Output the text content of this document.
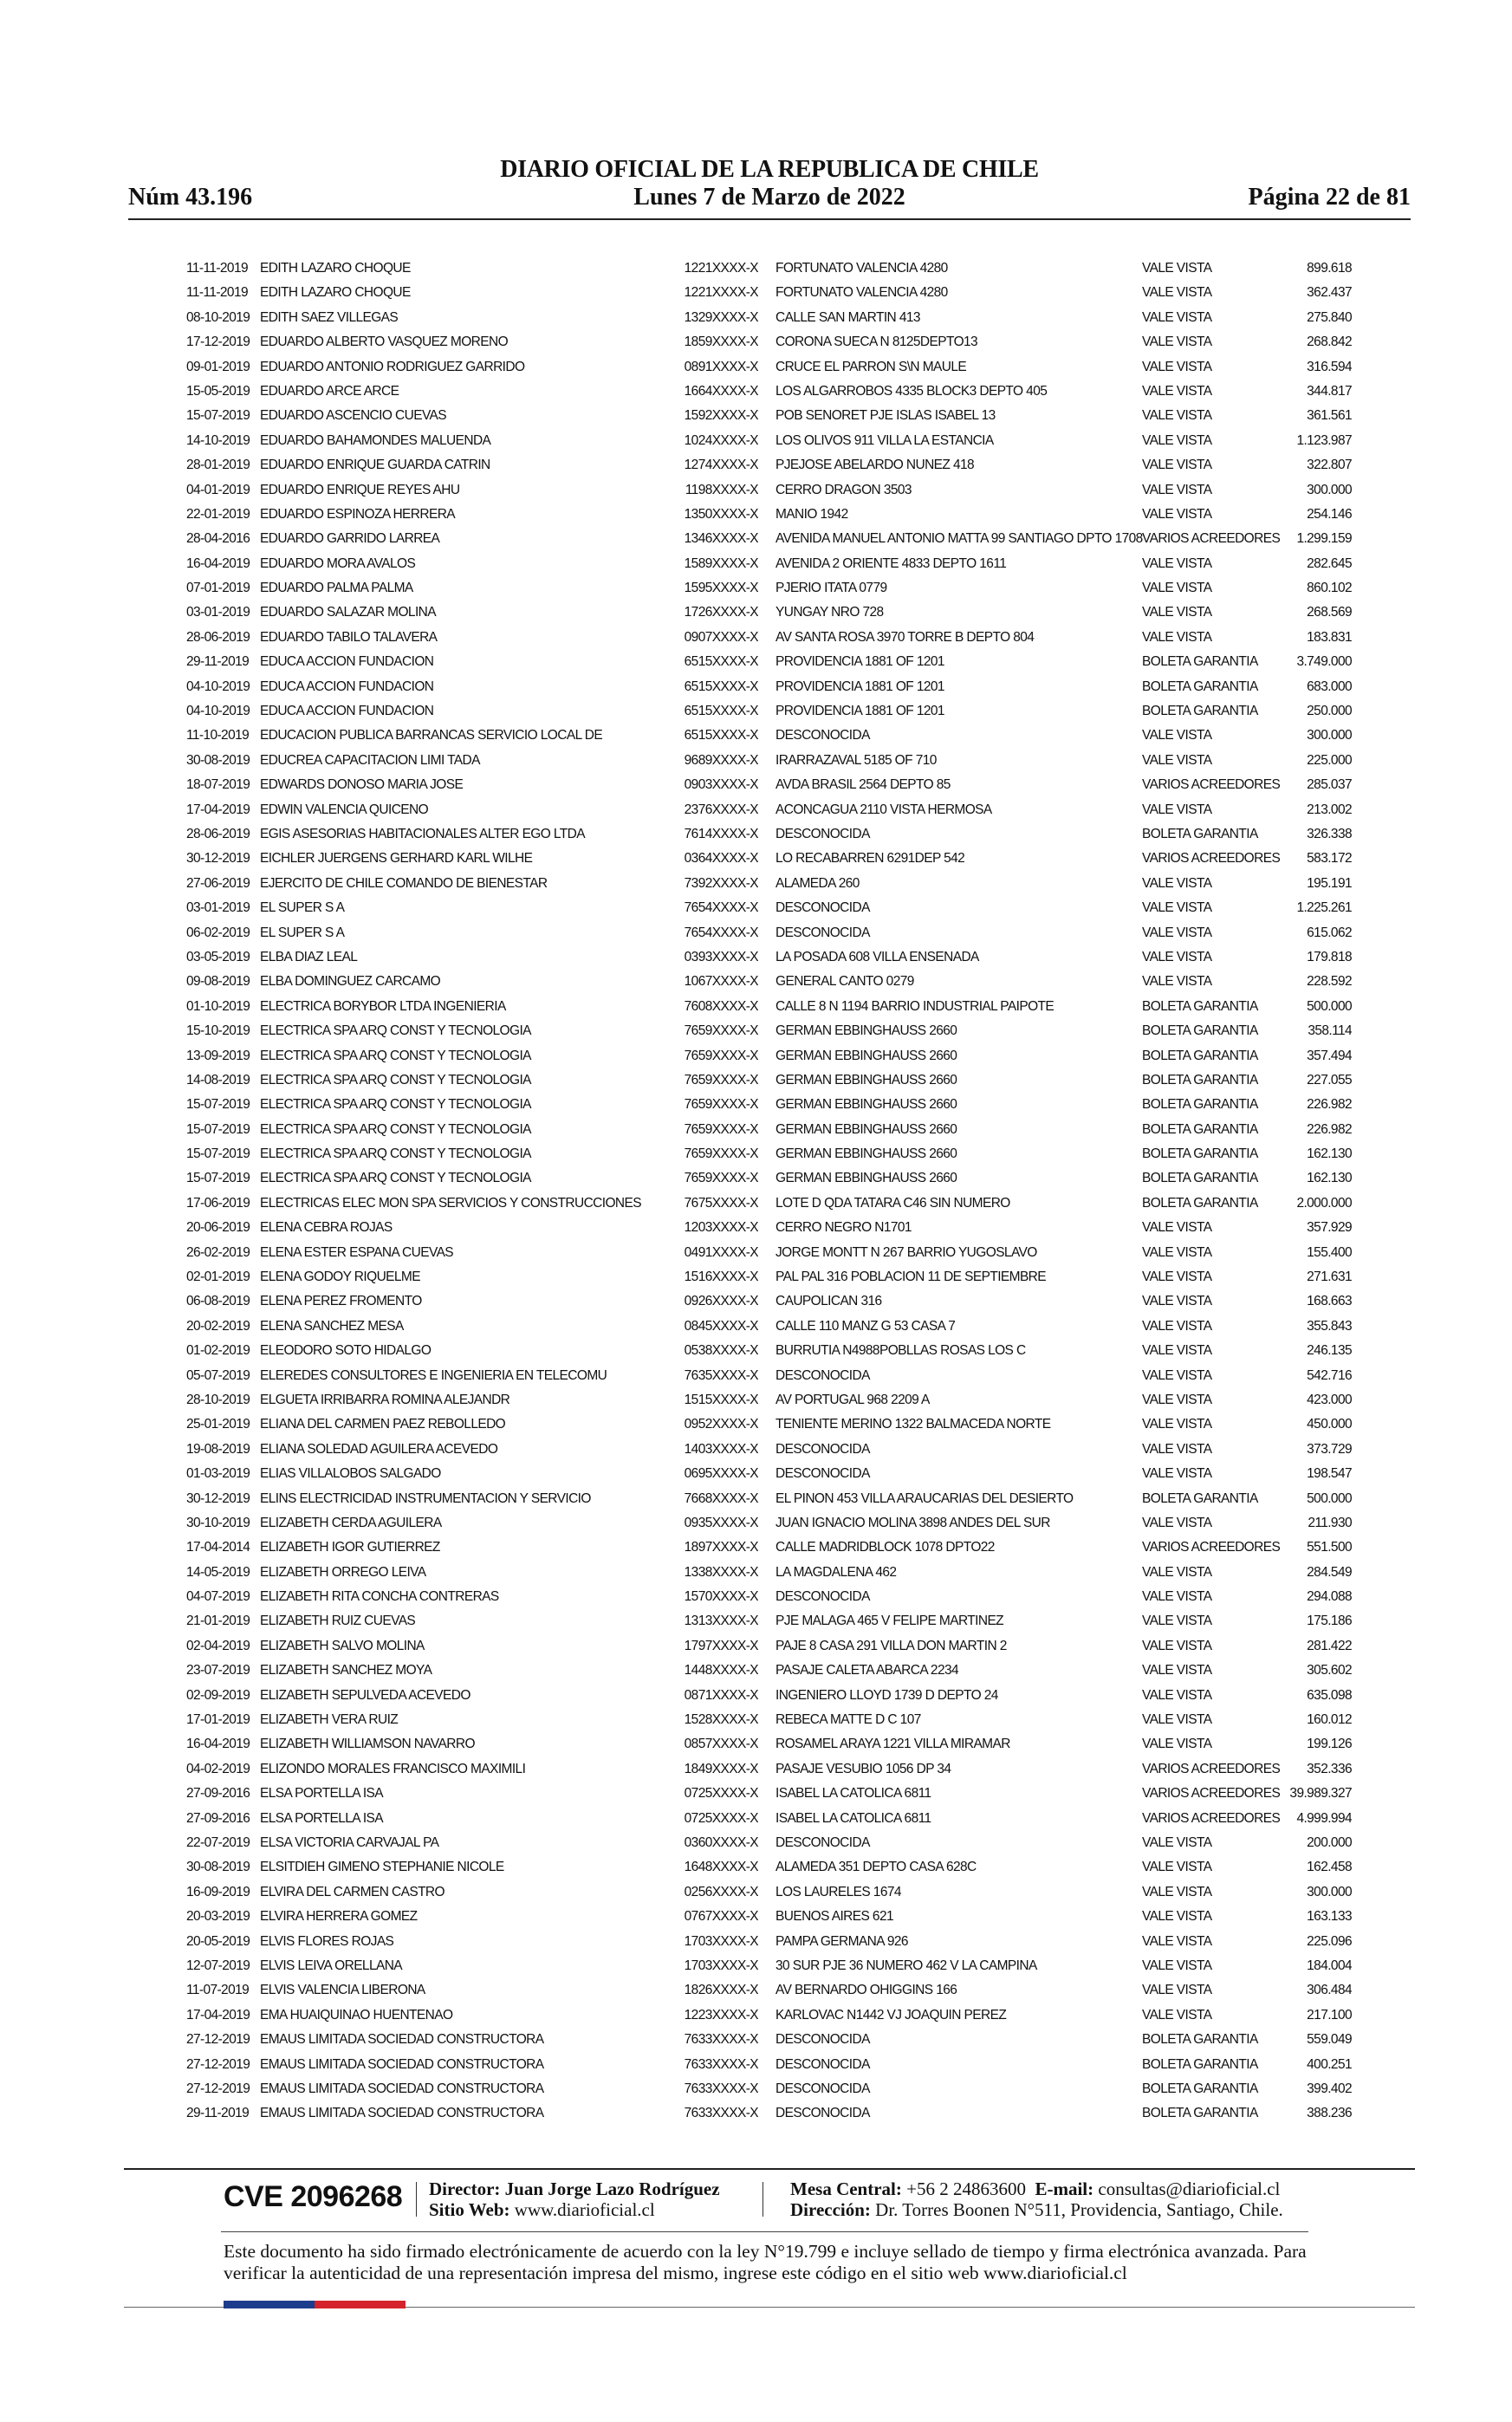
DIARIO OFICIAL DE LA REPUBLICA DE CHILE
Núm 43.196	Lunes 7 de Marzo de 2022	Página 22 de 81
11-11-2019 EDITH LAZARO CHOQUE	1221XXXX-X FORTUNATO VALENCIA 4280	VALE VISTA	899.618
11-11-2019 EDITH LAZARO CHOQUE	1221XXXX-X FORTUNATO VALENCIA 4280	VALE VISTA	362.437
08-10-2019 EDITH SAEZ VILLEGAS	1329XXXX-X CALLE SAN MARTIN 413	VALE VISTA	275.840
17-12-2019 EDUARDO ALBERTO VASQUEZ MORENO	1859XXXX-X CORONA SUECA N 8125DEPTO13	VALE VISTA	268.842
09-01-2019 EDUARDO ANTONIO RODRIGUEZ GARRIDO	0891XXXX-X CRUCE EL PARRON S\N MAULE	VALE VISTA	316.594
15-05-2019 EDUARDO ARCE ARCE	1664XXXX-X LOS ALGARROBOS 4335 BLOCK3 DEPTO 405	VALE VISTA	344.817
15-07-2019 EDUARDO ASCENCIO CUEVAS	1592XXXX-X POB SENORET PJE ISLAS ISABEL 13	VALE VISTA	361.561
14-10-2019 EDUARDO BAHAMONDES MALUENDA	1024XXXX-X LOS OLIVOS 911 VILLA LA ESTANCIA	VALE VISTA	1.123.987
28-01-2019 EDUARDO ENRIQUE GUARDA CATRIN	1274XXXX-X PJEJOSE ABELARDO NUNEZ 418	VALE VISTA	322.807
04-01-2019 EDUARDO ENRIQUE REYES AHU	1198XXXX-X CERRO DRAGON 3503	VALE VISTA	300.000
22-01-2019 EDUARDO ESPINOZA HERRERA	1350XXXX-X MANIO 1942	VALE VISTA	254.146
28-04-2016 EDUARDO GARRIDO LARREA	1346XXXX-X AVENIDA MANUEL ANTONIO MATTA 99 SANTIAGO DPTO 1708 VARIOS ACREEDORES	1.299.159
16-04-2019 EDUARDO MORA AVALOS	1589XXXX-X AVENIDA 2 ORIENTE 4833 DEPTO 1611	VALE VISTA	282.645
07-01-2019 EDUARDO PALMA PALMA	1595XXXX-X PJERIO ITATA 0779	VALE VISTA	860.102
03-01-2019 EDUARDO SALAZAR MOLINA	1726XXXX-X YUNGAY NRO 728	VALE VISTA	268.569
28-06-2019 EDUARDO TABILO TALAVERA	0907XXXX-X AV SANTA ROSA 3970 TORRE B DEPTO 804	VALE VISTA	183.831
29-11-2019 EDUCA ACCION FUNDACION	6515XXXX-X PROVIDENCIA 1881 OF 1201	BOLETA GARANTIA	3.749.000
04-10-2019 EDUCA ACCION FUNDACION	6515XXXX-X PROVIDENCIA 1881 OF 1201	BOLETA GARANTIA	683.000
04-10-2019 EDUCA ACCION FUNDACION	6515XXXX-X PROVIDENCIA 1881 OF 1201	BOLETA GARANTIA	250.000
11-10-2019 EDUCACION PUBLICA BARRANCAS SERVICIO LOCAL DE	6515XXXX-X DESCONOCIDA	VALE VISTA	300.000
30-08-2019 EDUCREA CAPACITACION LIMI TADA	9689XXXX-X IRARRAZAVAL 5185 OF 710	VALE VISTA	225.000
18-07-2019 EDWARDS DONOSO MARIA JOSE	0903XXXX-X AVDA BRASIL 2564 DEPTO 85	VARIOS ACREEDORES	285.037
17-04-2019 EDWIN VALENCIA QUICENO	2376XXXX-X ACONCAGUA 2110 VISTA HERMOSA	VALE VISTA	213.002
28-06-2019 EGIS ASESORIAS HABITACIONALES ALTER EGO LTDA	7614XXXX-X DESCONOCIDA	BOLETA GARANTIA	326.338
30-12-2019 EICHLER JUERGENS GERHARD KARL WILHE	0364XXXX-X LO RECABARREN 6291DEP 542	VARIOS ACREEDORES	583.172
27-06-2019 EJERCITO DE CHILE COMANDO DE BIENESTAR	7392XXXX-X ALAMEDA 260	VALE VISTA	195.191
03-01-2019 EL SUPER S A	7654XXXX-X DESCONOCIDA	VALE VISTA	1.225.261
06-02-2019 EL SUPER S A	7654XXXX-X DESCONOCIDA	VALE VISTA	615.062
03-05-2019 ELBA DIAZ LEAL	0393XXXX-X LA POSADA 608 VILLA ENSENADA	VALE VISTA	179.818
09-08-2019 ELBA DOMINGUEZ CARCAMO	1067XXXX-X GENERAL CANTO 0279	VALE VISTA	228.592
01-10-2019 ELECTRICA BORYBOR LTDA INGENIERIA	7608XXXX-X CALLE 8 N 1194 BARRIO INDUSTRIAL PAIPOTE	BOLETA GARANTIA	500.000
15-10-2019 ELECTRICA SPA ARQ CONST Y TECNOLOGIA	7659XXXX-X GERMAN EBBINGHAUSS 2660	BOLETA GARANTIA	358.114
13-09-2019 ELECTRICA SPA ARQ CONST Y TECNOLOGIA	7659XXXX-X GERMAN EBBINGHAUSS 2660	BOLETA GARANTIA	357.494
14-08-2019 ELECTRICA SPA ARQ CONST Y TECNOLOGIA	7659XXXX-X GERMAN EBBINGHAUSS 2660	BOLETA GARANTIA	227.055
15-07-2019 ELECTRICA SPA ARQ CONST Y TECNOLOGIA	7659XXXX-X GERMAN EBBINGHAUSS 2660	BOLETA GARANTIA	226.982
15-07-2019 ELECTRICA SPA ARQ CONST Y TECNOLOGIA	7659XXXX-X GERMAN EBBINGHAUSS 2660	BOLETA GARANTIA	226.982
15-07-2019 ELECTRICA SPA ARQ CONST Y TECNOLOGIA	7659XXXX-X GERMAN EBBINGHAUSS 2660	BOLETA GARANTIA	162.130
15-07-2019 ELECTRICA SPA ARQ CONST Y TECNOLOGIA	7659XXXX-X GERMAN EBBINGHAUSS 2660	BOLETA GARANTIA	162.130
17-06-2019 ELECTRICAS ELEC MON SPA SERVICIOS Y CONSTRUCCIONES	7675XXXX-X LOTE D QDA TATARA C46 SIN NUMERO	BOLETA GARANTIA	2.000.000
20-06-2019 ELENA CEBRA ROJAS	1203XXXX-X CERRO NEGRO N1701	VALE VISTA	357.929
26-02-2019 ELENA ESTER ESPANA CUEVAS	0491XXXX-X JORGE MONTT N 267 BARRIO YUGOSLAVO	VALE VISTA	155.400
02-01-2019 ELENA GODOY RIQUELME	1516XXXX-X PAL PAL 316 POBLACION 11 DE SEPTIEMBRE	VALE VISTA	271.631
06-08-2019 ELENA PEREZ FROMENTO	0926XXXX-X CAUPOLICAN 316	VALE VISTA	168.663
20-02-2019 ELENA SANCHEZ MESA	0845XXXX-X CALLE 110 MANZ G 53 CASA 7	VALE VISTA	355.843
01-02-2019 ELEODORO SOTO HIDALGO	0538XXXX-X BURRUTIA N4988POBLLAS ROSAS LOS C	VALE VISTA	246.135
05-07-2019 ELEREDES CONSULTORES E INGENIERIA EN TELECOMU	7635XXXX-X DESCONOCIDA	VALE VISTA	542.716
28-10-2019 ELGUETA IRRIBARRA ROMINA ALEJANDR	1515XXXX-X AV PORTUGAL 968 2209 A	VALE VISTA	423.000
25-01-2019 ELIANA DEL CARMEN PAEZ REBOLLEDO	0952XXXX-X TENIENTE MERINO 1322 BALMACEDA NORTE	VALE VISTA	450.000
19-08-2019 ELIANA SOLEDAD AGUILERA ACEVEDO	1403XXXX-X DESCONOCIDA	VALE VISTA	373.729
01-03-2019 ELIAS VILLALOBOS SALGADO	0695XXXX-X DESCONOCIDA	VALE VISTA	198.547
30-12-2019 ELINS ELECTRICIDAD INSTRUMENTACION Y SERVICIO	7668XXXX-X EL PINON 453 VILLA ARAUCARIAS DEL DESIERTO	BOLETA GARANTIA	500.000
30-10-2019 ELIZABETH CERDA AGUILERA	0935XXXX-X JUAN IGNACIO MOLINA 3898 ANDES DEL SUR	VALE VISTA	211.930
17-04-2014 ELIZABETH IGOR GUTIERREZ	1897XXXX-X CALLE MADRIDBLOCK 1078 DPTO22	VARIOS ACREEDORES	551.500
14-05-2019 ELIZABETH ORREGO LEIVA	1338XXXX-X LA MAGDALENA 462	VALE VISTA	284.549
04-07-2019 ELIZABETH RITA CONCHA CONTRERAS	1570XXXX-X DESCONOCIDA	VALE VISTA	294.088
21-01-2019 ELIZABETH RUIZ CUEVAS	1313XXXX-X PJE MALAGA 465 V FELIPE MARTINEZ	VALE VISTA	175.186
02-04-2019 ELIZABETH SALVO MOLINA	1797XXXX-X PAJE 8 CASA 291 VILLA DON MARTIN 2	VALE VISTA	281.422
23-07-2019 ELIZABETH SANCHEZ MOYA	1448XXXX-X PASAJE CALETA ABARCA 2234	VALE VISTA	305.602
02-09-2019 ELIZABETH SEPULVEDA ACEVEDO	0871XXXX-X INGENIERO LLOYD 1739 D DEPTO 24	VALE VISTA	635.098
17-01-2019 ELIZABETH VERA RUIZ	1528XXXX-X REBECA MATTE D C 107	VALE VISTA	160.012
16-04-2019 ELIZABETH WILLIAMSON NAVARRO	0857XXXX-X ROSAMEL ARAYA 1221 VILLA MIRAMAR	VALE VISTA	199.126
04-02-2019 ELIZONDO MORALES FRANCISCO MAXIMILI	1849XXXX-X PASAJE VESUBIO 1056 DP 34	VARIOS ACREEDORES	352.336
27-09-2016 ELSA PORTELLA ISA	0725XXXX-X ISABEL LA CATOLICA 6811	VARIOS ACREEDORES 39.989.327
27-09-2016 ELSA PORTELLA ISA	0725XXXX-X ISABEL LA CATOLICA 6811	VARIOS ACREEDORES	4.999.994
22-07-2019 ELSA VICTORIA CARVAJAL PA	0360XXXX-X DESCONOCIDA	VALE VISTA	200.000
30-08-2019 ELSITDIEH GIMENO STEPHANIE NICOLE	1648XXXX-X ALAMEDA 351 DEPTO CASA 628C	VALE VISTA	162.458
16-09-2019 ELVIRA DEL CARMEN CASTRO	0256XXXX-X LOS LAURELES 1674	VALE VISTA	300.000
20-03-2019 ELVIRA HERRERA GOMEZ	0767XXXX-X BUENOS AIRES 621	VALE VISTA	163.133
20-05-2019 ELVIS FLORES ROJAS	1703XXXX-X PAMPA GERMANA 926	VALE VISTA	225.096
12-07-2019 ELVIS LEIVA ORELLANA	1703XXXX-X 30 SUR PJE 36 NUMERO 462 V LA CAMPINA	VALE VISTA	184.004
11-07-2019 ELVIS VALENCIA LIBERONA	1826XXXX-X AV BERNARDO OHIGGINS 166	VALE VISTA	306.484
17-04-2019 EMA HUAIQUINAO HUENTENAO	1223XXXX-X KARLOVAC N1442 VJ JOAQUIN PEREZ	VALE VISTA	217.100
27-12-2019 EMAUS LIMITADA SOCIEDAD CONSTRUCTORA	7633XXXX-X DESCONOCIDA	BOLETA GARANTIA	559.049
27-12-2019 EMAUS LIMITADA SOCIEDAD CONSTRUCTORA	7633XXXX-X DESCONOCIDA	BOLETA GARANTIA	400.251
27-12-2019 EMAUS LIMITADA SOCIEDAD CONSTRUCTORA	7633XXXX-X DESCONOCIDA	BOLETA GARANTIA	399.402
29-11-2019 EMAUS LIMITADA SOCIEDAD CONSTRUCTORA	7633XXXX-X DESCONOCIDA	BOLETA GARANTIA	388.236
CVE 2096268 Director: Juan Jorge Lazo Rodríguez
Sitio Web: www.diarioficial.cl
Mesa Central: +56 2 24863600 E-mail: consultas@diarioficial.cl
Dirección: Dr. Torres Boonen N°511, Providencia, Santiago, Chile.
Este documento ha sido firmado electrónicamente de acuerdo con la ley N°19.799 e incluye sellado de tiempo y firma electrónica avanzada. Para verificar la autenticidad de una representación impresa del mismo, ingrese este código en el sitio web www.diarioficial.cl
